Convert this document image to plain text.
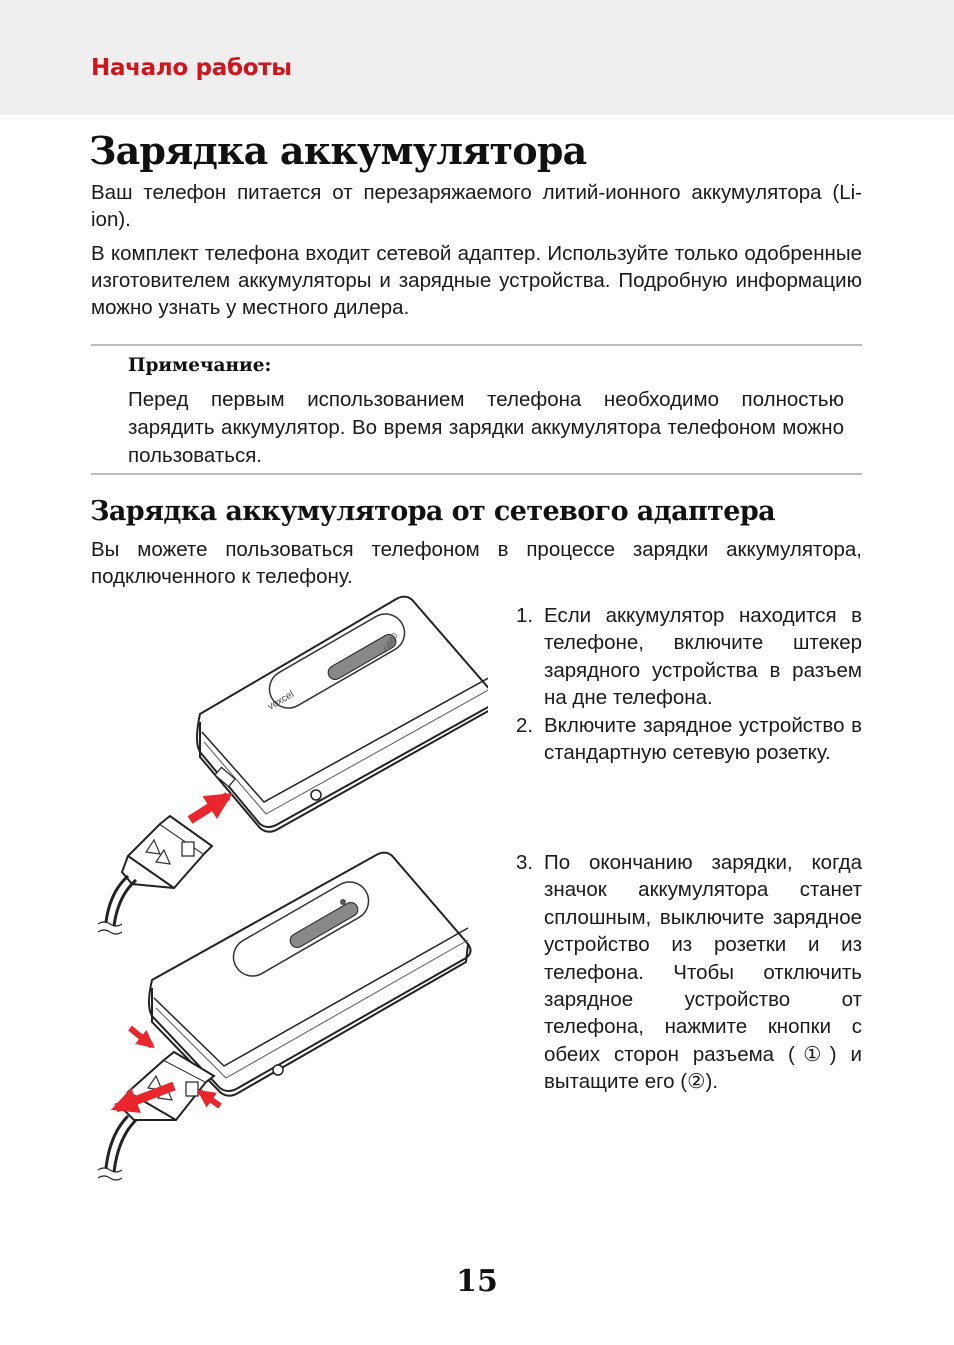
Начало работы
Зарядка аккумулятора

Ваш телефон питается от перезаряжаемого литий-ионного аккумулятора (Li-ion).

В комплект телефона входит сетевой адаптер. Используйте только одобренные изготовителем аккумуляторы и зарядные устройства. Подробную информацию можно узнать у местного дилера.

Примечание:

Перед первым использованием телефона необходимо полностью зарядить аккумулятор. Во время зарядки аккумулятора телефоном можно пользоваться.

Зарядка аккумулятора от сетевого адаптера

Вы можете пользоваться телефоном в процессе зарядки аккумулятора, подключенного к телефону.

1. Если аккумулятор находится в телефоне, включите штекер зарядного устройства в разъем на дне телефона.
2. Включите зарядное устройство в стандартную сетевую розетку.
3. По окончанию зарядки, когда значок аккумулятора станет сплошным, выключите зарядное устройство из розетки и из телефона. Чтобы отключить зарядное устройство от телефона, нажмите кнопки с обеих сторон разъема (①) и вытащите его (②).
voxcel
G580
15
